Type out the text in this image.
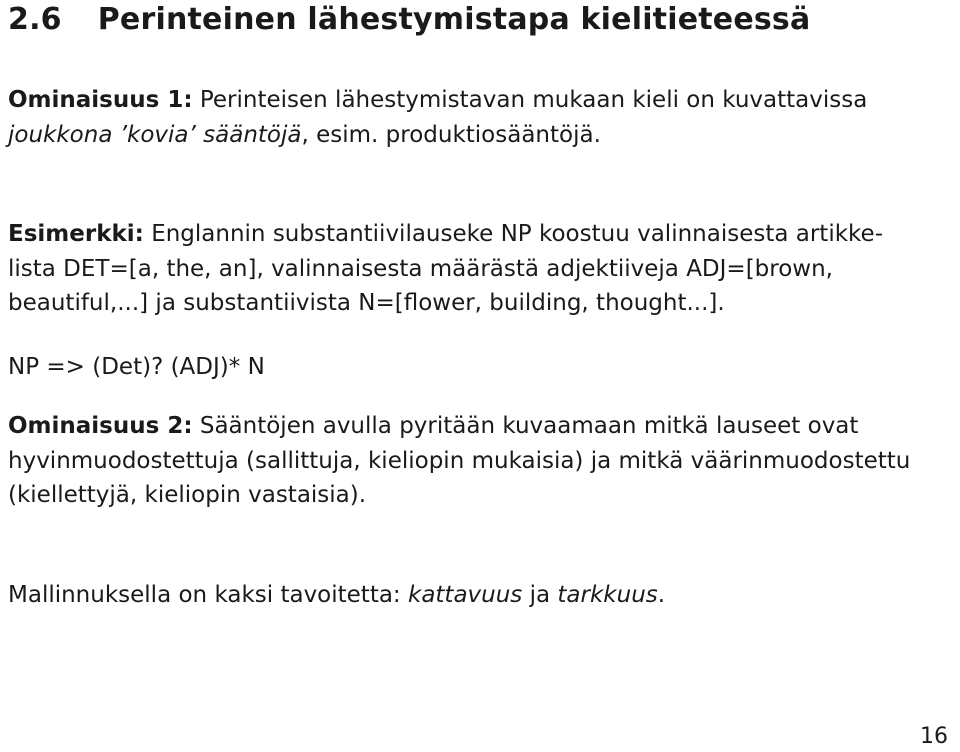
2.6 Perinteinen lähestymistapa kielitieteessä

Ominaisuus 1: Perinteisen lähestymistavan mukaan kieli on kuvattavissa
joukkona ’kovia’ sääntöjä, esim. produktiosääntöjä.

Esimerkki: Englannin substantiivilauseke NP koostuu valinnaisesta artikke-
lista DET=[a, the, an], valinnaisesta määrästä adjektiiveja ADJ=[brown,
beautiful,...] ja substantiivista N=[flower, building, thought...].

NP => (Det)? (ADJ)* N

Ominaisuus 2: Sääntöjen avulla pyritään kuvaamaan mitkä lauseet ovat
hyvinmuodostettuja (sallittuja, kieliopin mukaisia) ja mitkä väärinmuodostettu
(kiellettyjä, kieliopin vastaisia).

Mallinnuksella on kaksi tavoitetta: kattavuus ja tarkkuus.

16
